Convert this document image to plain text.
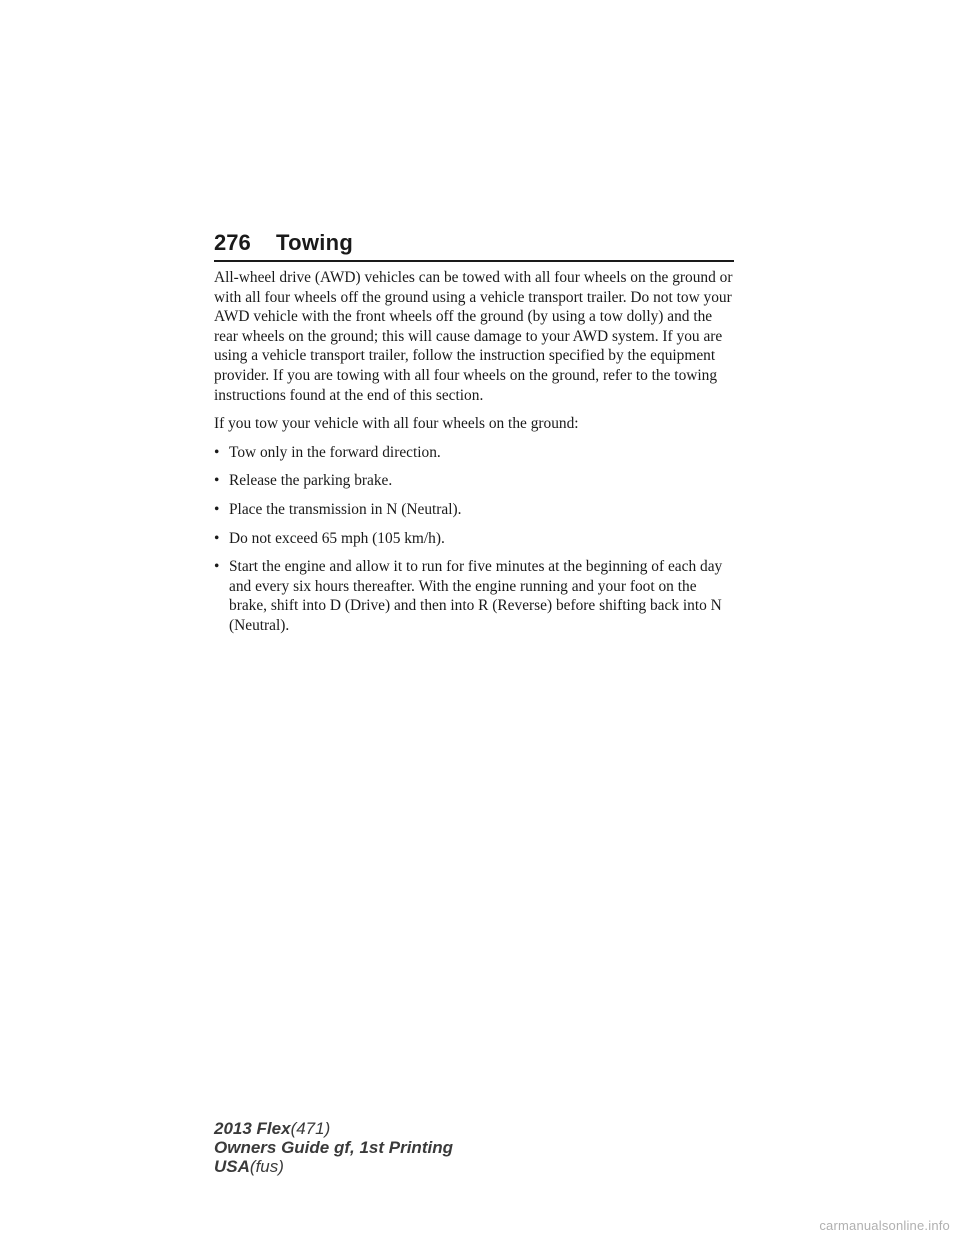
276 Towing

All-wheel drive (AWD) vehicles can be towed with all four wheels on the ground or with all four wheels off the ground using a vehicle transport trailer. Do not tow your AWD vehicle with the front wheels off the ground (by using a tow dolly) and the rear wheels on the ground; this will cause damage to your AWD system. If you are using a vehicle transport trailer, follow the instruction specified by the equipment provider. If you are towing with all four wheels on the ground, refer to the towing instructions found at the end of this section.

If you tow your vehicle with all four wheels on the ground:

• Tow only in the forward direction.
• Release the parking brake.
• Place the transmission in N (Neutral).
• Do not exceed 65 mph (105 km/h).
• Start the engine and allow it to run for five minutes at the beginning of each day and every six hours thereafter. With the engine running and your foot on the brake, shift into D (Drive) and then into R (Reverse) before shifting back into N (Neutral).
2013 Flex(471)
Owners Guide gf, 1st Printing
USA(fus)
carmanualsonline.info
